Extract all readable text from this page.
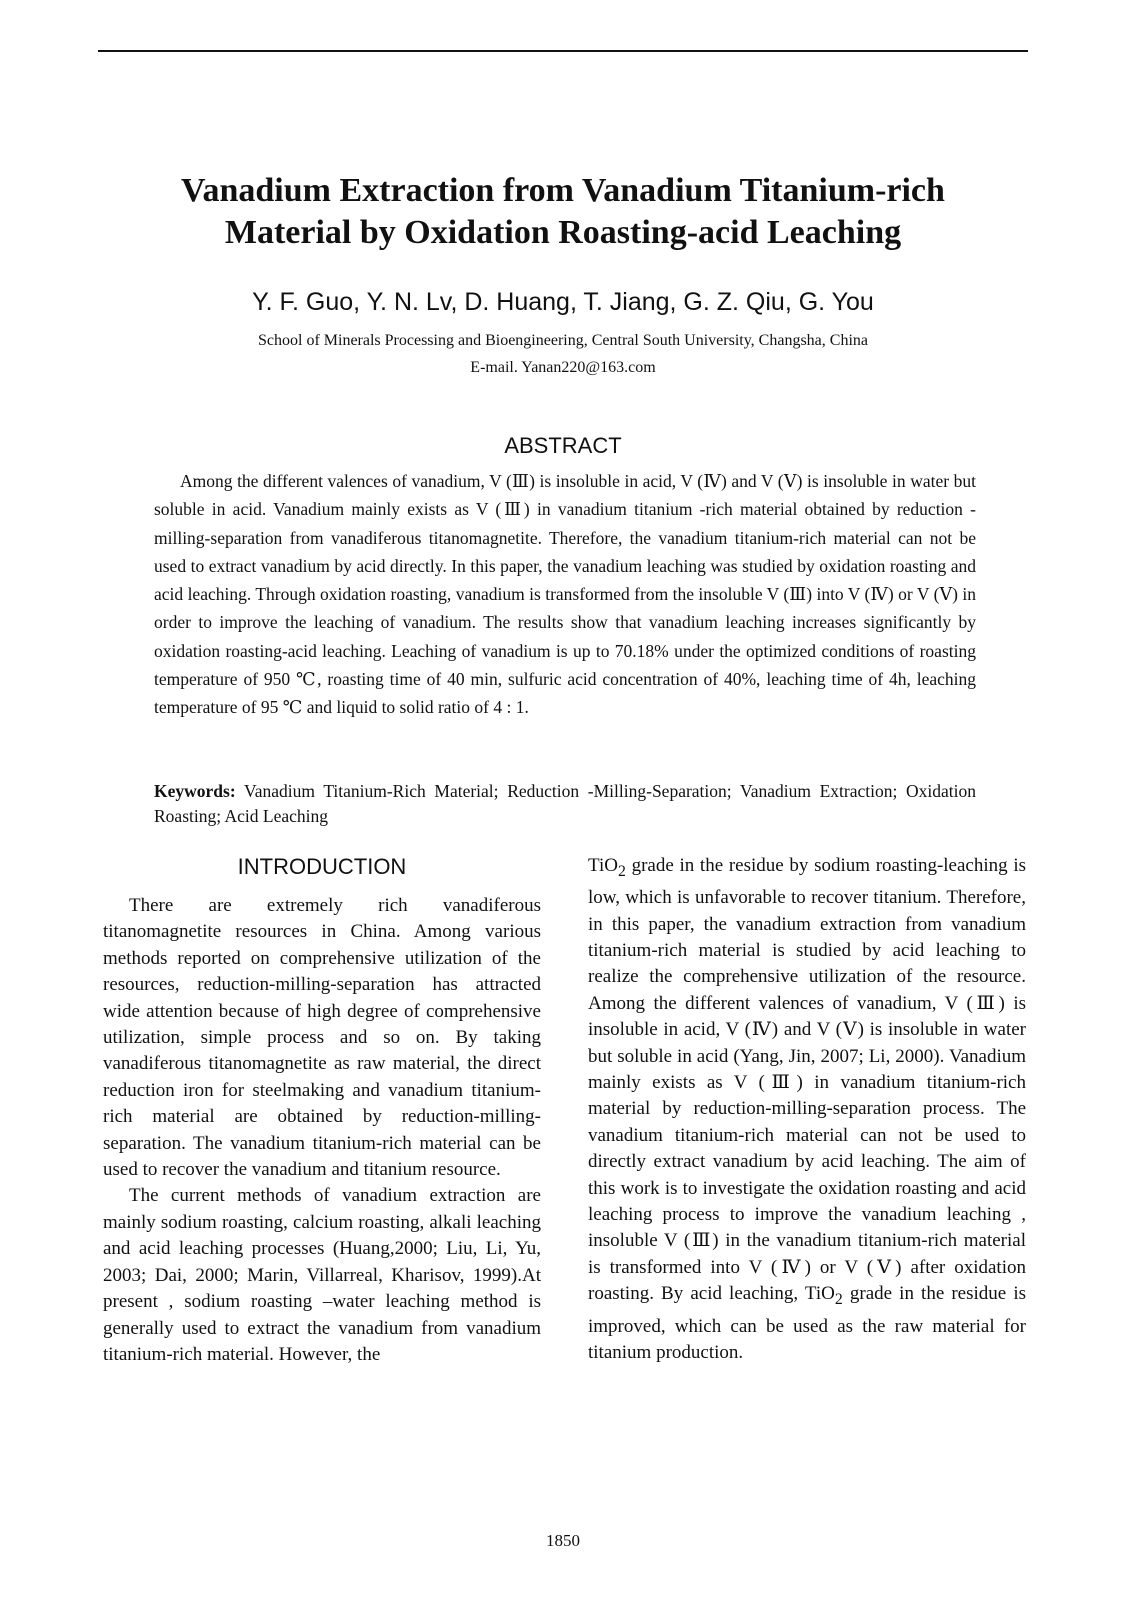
Vanadium Extraction from Vanadium Titanium-rich
Material by Oxidation Roasting-acid Leaching
Y. F. Guo, Y. N. Lv, D. Huang, T. Jiang, G. Z. Qiu, G. You
School of Minerals Processing and Bioengineering, Central South University, Changsha, China
E-mail. Yanan220@163.com
ABSTRACT

Among the different valences of vanadium, V (Ⅲ) is insoluble in acid, V (Ⅳ) and V (Ⅴ) is insoluble in water but soluble in acid. Vanadium mainly exists as V (Ⅲ) in vanadium titanium -rich material obtained by reduction -milling-separation from vanadiferous titanomagnetite. Therefore, the vanadium titanium-rich material can not be used to extract vanadium by acid directly. In this paper, the vanadium leaching was studied by oxidation roasting and acid leaching. Through oxidation roasting, vanadium is transformed from the insoluble V (Ⅲ) into V (Ⅳ) or V (Ⅴ) in order to improve the leaching of vanadium. The results show that vanadium leaching increases significantly by oxidation roasting-acid leaching. Leaching of vanadium is up to 70.18% under the optimized conditions of roasting temperature of 950 ℃, roasting time of 40 min, sulfuric acid concentration of 40%, leaching time of 4h, leaching temperature of 95 ℃ and liquid to solid ratio of 4 : 1.

Keywords: Vanadium Titanium-Rich Material; Reduction -Milling-Separation; Vanadium Extraction; Oxidation Roasting; Acid Leaching

INTRODUCTION

There are extremely rich vanadiferous titanomagnetite resources in China. Among various methods reported on comprehensive utilization of the resources, reduction-milling-separation has attracted wide attention because of high degree of comprehensive utilization, simple process and so on. By taking vanadiferous titanomagnetite as raw material, the direct reduction iron for steelmaking and vanadium titanium-rich material are obtained by reduction-milling-separation. The vanadium titanium-rich material can be used to recover the vanadium and titanium resource.

The current methods of vanadium extraction are mainly sodium roasting, calcium roasting, alkali leaching and acid leaching processes (Huang,2000; Liu, Li, Yu, 2003; Dai, 2000; Marin, Villarreal, Kharisov, 1999).At present , sodium roasting –water leaching method is generally used to extract the vanadium from vanadium titanium-rich material. However, the

TiO$_2$ grade in the residue by sodium roasting-leaching is low, which is unfavorable to recover titanium. Therefore, in this paper, the vanadium extraction from vanadium titanium-rich material is studied by acid leaching to realize the comprehensive utilization of the resource. Among the different valences of vanadium, V (Ⅲ) is insoluble in acid, V (Ⅳ) and V (Ⅴ) is insoluble in water but soluble in acid (Yang, Jin, 2007; Li, 2000). Vanadium mainly exists as V (Ⅲ) in vanadium titanium-rich material by reduction-milling-separation process. The vanadium titanium-rich material can not be used to directly extract vanadium by acid leaching. The aim of this work is to investigate the oxidation roasting and acid leaching process to improve the vanadium leaching , insoluble V (Ⅲ) in the vanadium titanium-rich material is transformed into V (Ⅳ) or V (Ⅴ) after oxidation roasting. By acid leaching, TiO$_2$ grade in the residue is improved, which can be used as the raw material for titanium production.

1850
